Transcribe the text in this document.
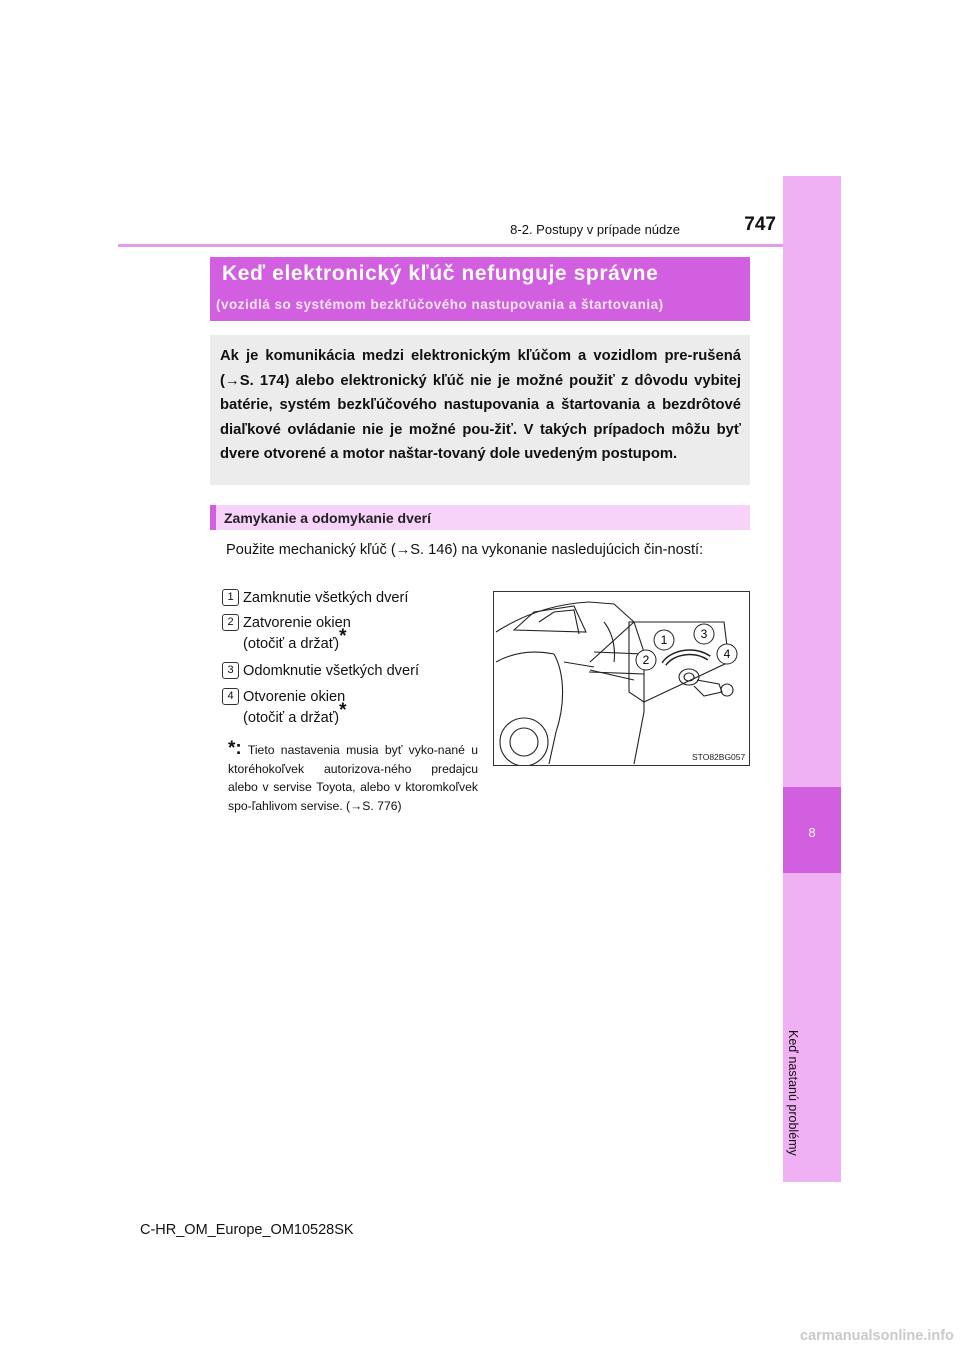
8
Keď nastanú problémy
8-2. Postupy v prípade núdze	747
Keď elektronický kľúč nefunguje správne
(vozidlá so systémom bezkľúčového nastupovania a štartovania)
Ak je komunikácia medzi elektronickým kľúčom a vozidlom pre-rušená (→S. 174) alebo elektronický kľúč nie je možné použiť z dôvodu vybitej batérie, systém bezkľúčového nastupovania a štartovania a bezdrôtové diaľkové ovládanie nie je možné pou-žiť. V takých prípadoch môžu byť dvere otvorené a motor naštar-tovaný dole uvedeným postupom.
Zamykanie a odomykanie dverí
Použite mechanický kľúč (→S. 146) na vykonanie nasledujúcich čin-ností:
1 Zamknutie všetkých dverí
2 Zatvorenie okien
(otočiť a držať)*
3 Odomknutie všetkých dverí
4 Otvorenie okien
(otočiť a držať)*
*: Tieto nastavenia musia byť vyko-nané u ktoréhokoľvek autorizova-ného predajcu alebo v servise Toyota, alebo v ktoromkoľvek spo-ľahlivom servise. (→S. 776)
1
2
3
4
STO82BG057
C-HR_OM_Europe_OM10528SK
carmanualsonline.info
